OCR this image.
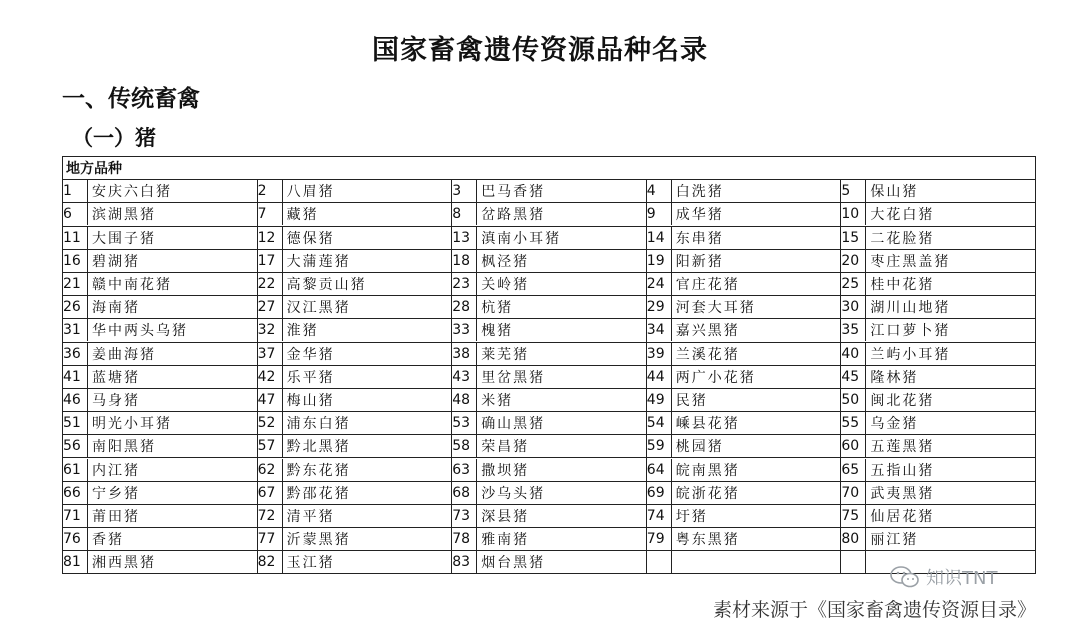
国家畜禽遗传资源品种名录
一、传统畜禽
（一）猪
地方品种				

1 安庆六白猪	2 八眉猪	3 巴马香猪	4 白洗猪	5 保山猪

6 滨湖黑猪	7 藏猪	8 岔路黑猪	9 成华猪	10 大花白猪

11 大围子猪	12 德保猪	13 滇南小耳猪	14 东串猪	15 二花脸猪

16 碧湖猪	17 大蒲莲猪	18 枫泾猪	19 阳新猪	20 枣庄黑盖猪

21 赣中南花猪	22 高黎贡山猪	23 关岭猪	24 官庄花猪	25 桂中花猪

26 海南猪	27 汉江黑猪	28 杭猪	29 河套大耳猪	30 湖川山地猪

31 华中两头乌猪	32 淮猪	33 槐猪	34 嘉兴黑猪	35 江口萝卜猪

36 姜曲海猪	37 金华猪	38 莱芜猪	39 兰溪花猪	40 兰屿小耳猪

41 蓝塘猪	42 乐平猪	43 里岔黑猪	44 两广小花猪	45 隆林猪

46 马身猪	47 梅山猪	48 米猪	49 民猪	50 闽北花猪

51 明光小耳猪	52 浦东白猪	53 确山黑猪	54 嵊县花猪	55 乌金猪

56 南阳黑猪	57 黔北黑猪	58 荣昌猪	59 桃园猪	60 五莲黑猪

61 内江猪	62 黔东花猪	63 撒坝猪	64 皖南黑猪	65 五指山猪

66 宁乡猪	67 黔邵花猪	68 沙乌头猪	69 皖浙花猪	70 武夷黑猪

71 莆田猪	72 清平猪	73 深县猪	74 圩猪	75 仙居花猪

76 香猪	77 沂蒙黑猪	78 雅南猪	79 粤东黑猪	80 丽江猪

81 湘西黑猪	82 玉江猪	83 烟台黑猪		

知识TNT
素材来源于《国家畜禽遗传资源目录》
